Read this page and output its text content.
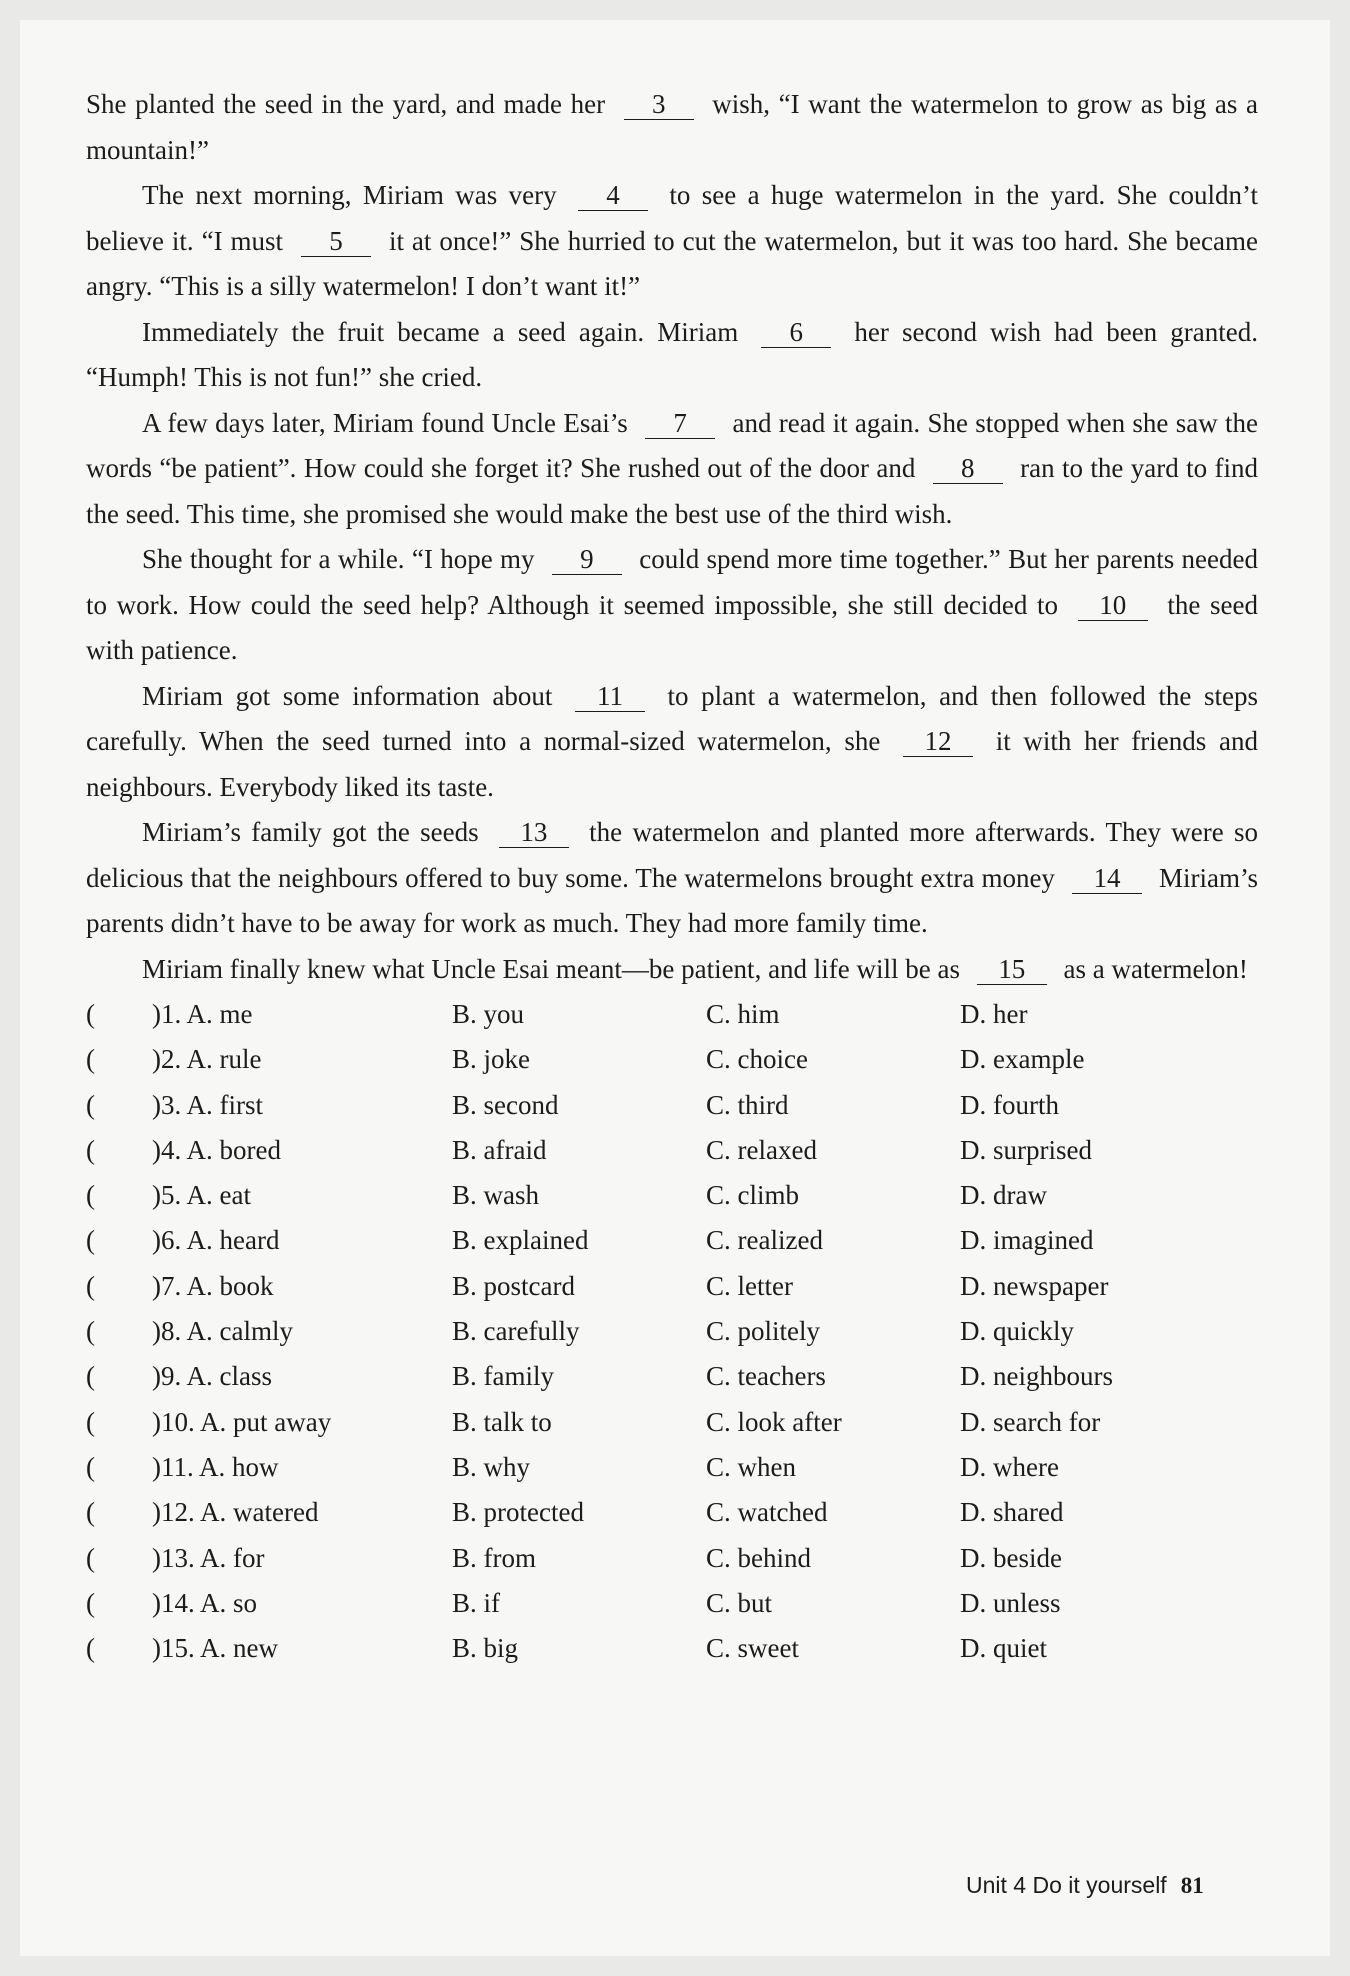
She planted the seed in the yard, and made her 3 wish, “I want the watermelon to grow as big as a mountain!”

The next morning, Miriam was very 4 to see a huge watermelon in the yard. She couldn’t believe it. “I must 5 it at once!” She hurried to cut the watermelon, but it was too hard. She became angry. “This is a silly watermelon! I don’t want it!”

Immediately the fruit became a seed again. Miriam 6 her second wish had been granted. “Humph! This is not fun!” she cried.

A few days later, Miriam found Uncle Esai’s 7 and read it again. She stopped when she saw the words “be patient”. How could she forget it? She rushed out of the door and 8 ran to the yard to find the seed. This time, she promised she would make the best use of the third wish.

She thought for a while. “I hope my 9 could spend more time together.” But her parents needed to work. How could the seed help? Although it seemed impossible, she still decided to 10 the seed with patience.

Miriam got some information about 11 to plant a watermelon, and then followed the steps carefully. When the seed turned into a normal-sized watermelon, she 12 it with her friends and neighbours. Everybody liked its taste.

Miriam’s family got the seeds 13 the watermelon and planted more afterwards. They were so delicious that the neighbours offered to buy some. The watermelons brought extra money 14 Miriam’s parents didn’t have to be away for work as much. They had more family time.

Miriam finally knew what Uncle Esai meant—be patient, and life will be as 15 as a watermelon!

(	)1. A. me	B. you	C. him	D. her
(	)2. A. rule	B. joke	C. choice	D. example
(	)3. A. first	B. second	C. third	D. fourth
(	)4. A. bored	B. afraid	C. relaxed	D. surprised
(	)5. A. eat	B. wash	C. climb	D. draw
(	)6. A. heard	B. explained	C. realized	D. imagined
(	)7. A. book	B. postcard	C. letter	D. newspaper
(	)8. A. calmly	B. carefully	C. politely	D. quickly
(	)9. A. class	B. family	C. teachers	D. neighbours
(	)10. A. put away	B. talk to	C. look after	D. search for
(	)11. A. how	B. why	C. when	D. where
(	)12. A. watered	B. protected	C. watched	D. shared
(	)13. A. for	B. from	C. behind	D. beside
(	)14. A. so	B. if	C. but	D. unless
(	)15. A. new	B. big	C. sweet	D. quiet
Unit 4 Do it yourself 81
